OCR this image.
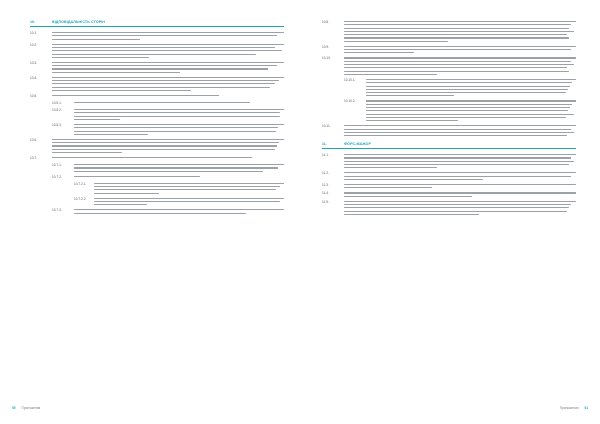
10.	ВІДПОВІДАЛЬНІСТЬ СТОРІН
10.1.
10.2.
10.3.
10.4.
10.5.
10.5.1.
10.5.2.
10.5.3.
10.6.
10.7.
10.7.1.
10.7.2.
10.7.2.1.
10.7.2.2.
10.7.3.
10.8.
10.9.
10.10.
10.10.1.
10.10.2.
10.11.
11.	ФОРС-МАЖОР
11.1.
11.2.
11.3.
11.4.
11.5.
50 Приложения	Приложения 51
